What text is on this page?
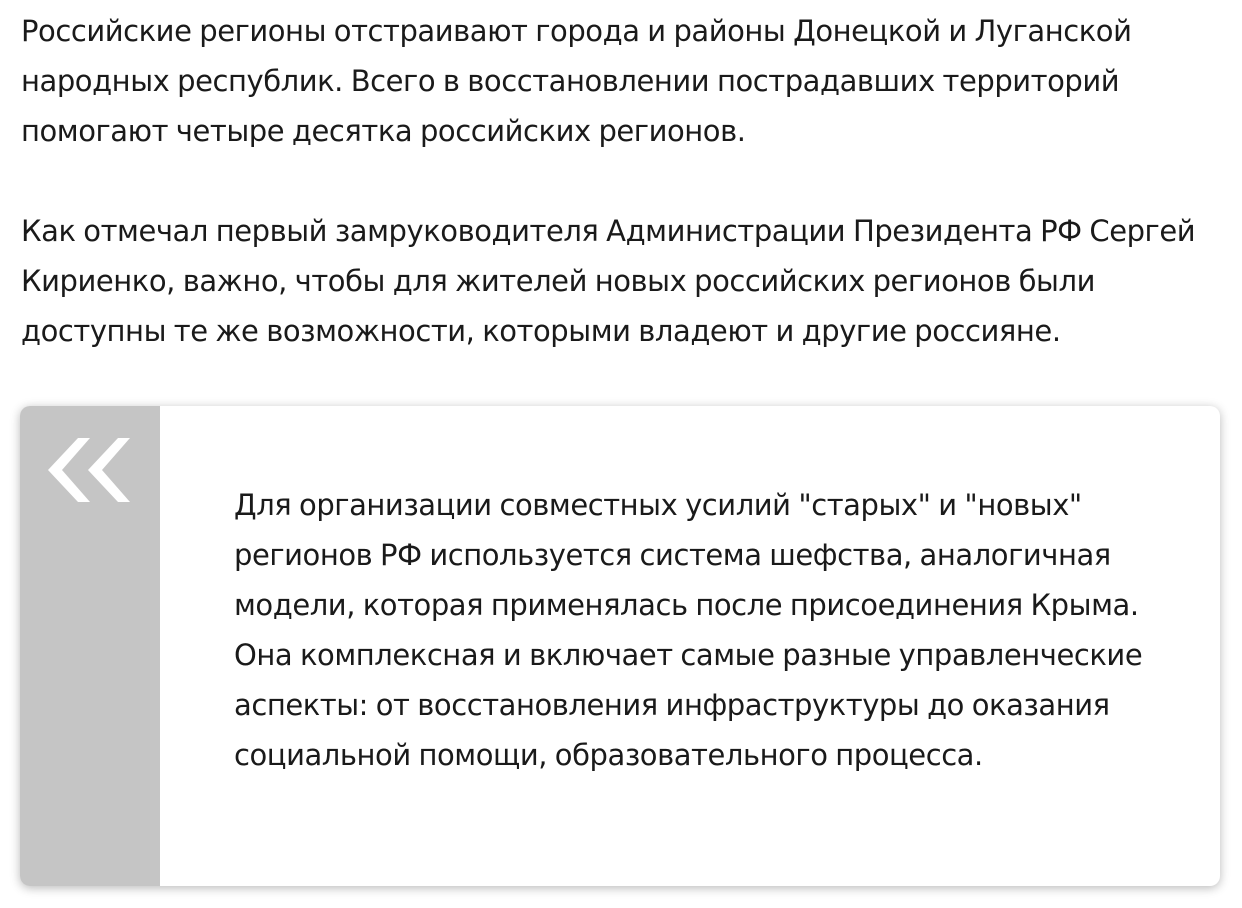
Российские регионы отстраивают города и районы Донецкой и Луганской народных республик. Всего в восстановлении пострадавших территорий помогают четыре десятка российских регионов.

Как отмечал первый замруководителя Администрации Президента РФ Сергей Кириенко, важно, чтобы для жителей новых российских регионов были доступны те же возможности, которыми владеют и другие россияне.

Для организации совместных усилий "старых" и "новых" регионов РФ используется система шефства, аналогичная модели, которая применялась после присоединения Крыма. Она комплексная и включает самые разные управленческие аспекты: от восстановления инфраструктуры до оказания социальной помощи, образовательного процесса.
